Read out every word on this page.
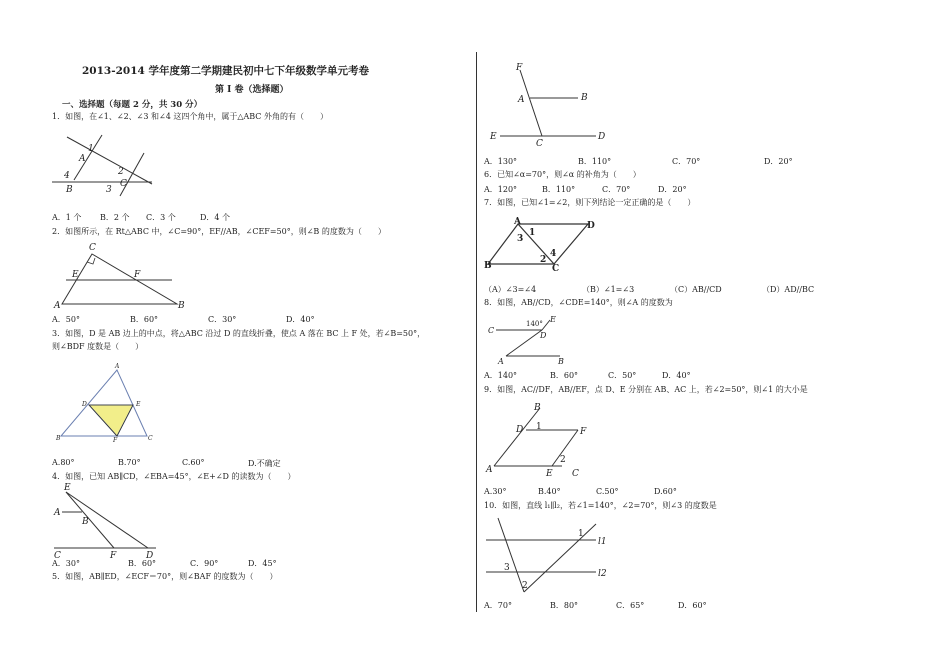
2013-2014 学年度第二学期建民初中七下年级数学单元考卷
第 I 卷（选择题）
一、选择题（每题 2 分，共 30 分）
1．如图，在∠1、∠2、∠3 和∠4 这四个角中，属于△ABC 外角的有（　　）
1
A
2
C
4
B	3
A．1 个 B．2 个 C．3 个	D．4 个
2．如图所示，在 Rt△ABC 中，∠C=90°，EF//AB，∠CEF=50°，则∠B 的度数为（　　）
C
E	F
A	B
A．50°	B．60°	C．30°	D．40°
3．如图，D 是 AB 边上的中点，将△ABC 沿过 D 的直线折叠，使点 A 落在 BC 上 F 处，若∠B=50°，
则∠BDF 度数是（　　）
A
D	E
B	F	C
A.80°	B.70°	C.60°	D.不确定
4．如图，已知 AB∥CD，∠EBA=45°，∠E+∠D 的读数为（　　）
E
A
B
C	F	D
A．30°	B．60°	C．90°	D．45°
5．如图，AB∥ED，∠ECF＝70°，则∠BAF 的度数为（　　）
F
A	B
E
C
D
A．130°	B．110°	C．70°	D．20°
6．已知∠α=70°，则∠α 的补角为（　　）
A．120°	B．110°	C．70°	D．20°
7．如图，已知∠1=∠2，则下列结论一定正确的是（　　）
A	D
3
1
2
4
B	C
（A）∠3=∠4	（B）∠1=∠3	（C）AB//CD	（D）AD//BC
8．如图，AB//CD，∠CDE=140°，则∠A 的度数为
140° E
C
D
A	B
A．140°	B．60°	C．50°	D．40°
9．如图，AC//DF，AB//EF，点 D、E 分别在 AB、AC 上，若∠2=50°，则∠1 的大小是
B
D 1	F
2
A	E C
A.30°	B.40°	C.50°	D.60°
10．如图，直线 l₁∥l₂，若∠1=140°，∠2=70°，则∠3 的度数是
1
l1
3
l2
2
A．70°	B．80°	C．65°	D．60°
